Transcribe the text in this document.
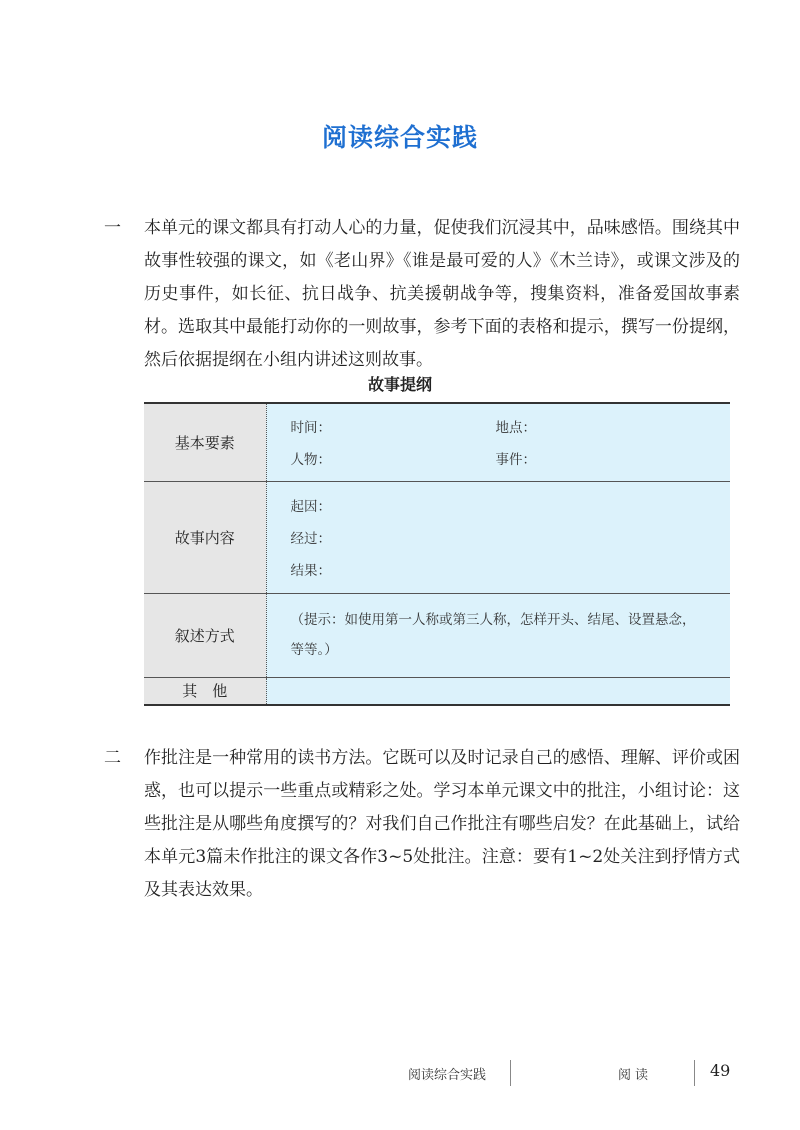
阅读综合实践
一	本单元的课文都具有打动人心的力量，促使我们沉浸其中，品味感悟。围绕其中故事性较强的课文，如《老山界》《谁是最可爱的人》《木兰诗》，或课文涉及的历史事件，如长征、抗日战争、抗美援朝战争等，搜集资料，准备爱国故事素材。选取其中最能打动你的一则故事，参考下面的表格和提示，撰写一份提纲，然后依据提纲在小组内讲述这则故事。

故事提纲
基本要素	时间： 地点：
人物： 事件：

故事内容	起因：
经过：
结果：

叙述方式	（提示：如使用第一人称或第三人称，怎样开头、结尾、设置悬念，等等。）

其　他	
二	作批注是一种常用的读书方法。它既可以及时记录自己的感悟、理解、评价或困惑，也可以提示一些重点或精彩之处。学习本单元课文中的批注，小组讨论：这些批注是从哪些角度撰写的？对我们自己作批注有哪些启发？在此基础上，试给本单元3篇未作批注的课文各作3~5处批注。注意：要有1~2处关注到抒情方式及其表达效果。

阅读综合实践	阅读	49
